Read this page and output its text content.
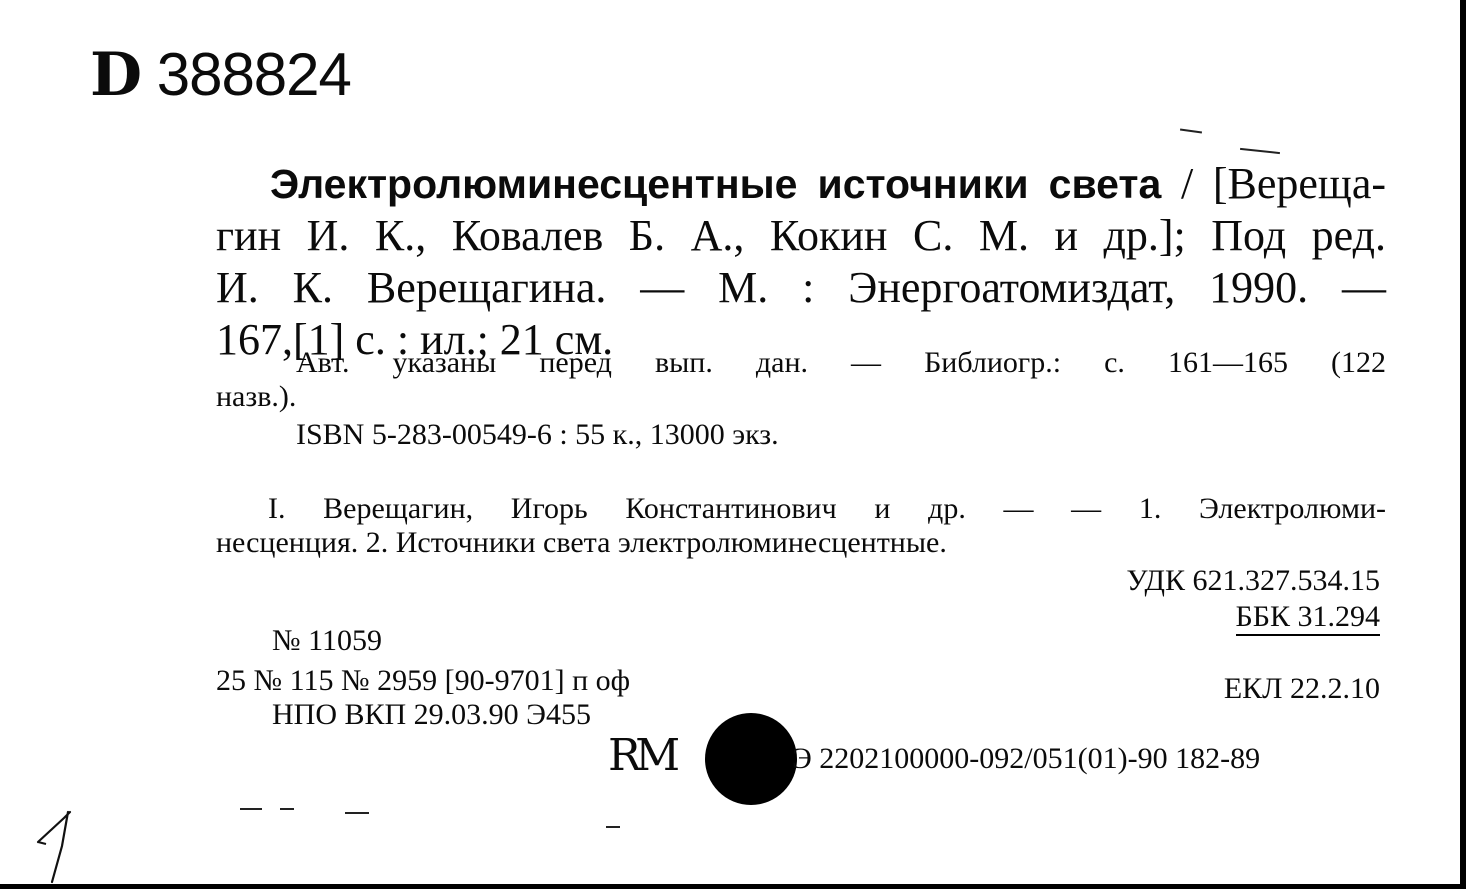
D 388824
Электролюминесцентные источники света / [Вереща-
гин И. К., Ковалев Б. А., Кокин С. М. и др.]; Под ред.
И. К. Верещагина. — М. : Энергоатомиздат, 1990. —
167,[1] с. : ил.; 21 см.
Авт. указаны перед вып. дан. — Библиогр.: с. 161—165 (122
назв.).
ISBN 5-283-00549-6 : 55 к., 13000 экз.
I. Верещагин, Игорь Константинович и др. — — 1. Электролюми-
несценция. 2. Источники света электролюминесцентные.
УДК 621.327.534.15
ББК 31.294
№ 11059
25 № 115 № 2959 [90-9701] п оф	ЕКЛ 22.2.10
НПО ВКП 29.03.90 Э455
RM	Э 2202100000-092/051(01)-90 182-89
